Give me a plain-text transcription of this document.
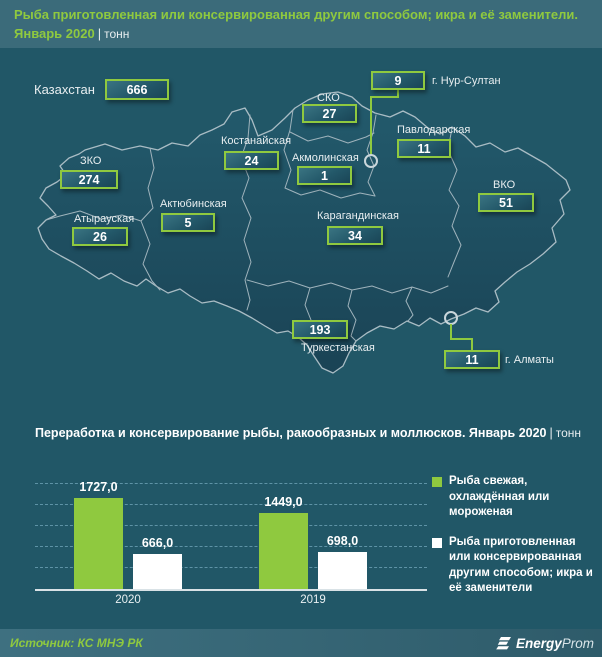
Рыба приготовленная или консервированная другим способом; икра и её заменители.
Январь 2020 | тонн
Казахстан	666
ЗКО
274
Атырауская
26
Актюбинская
5
Костанайская
24
СКО
27
Акмолинская
1
9	г. Нур-Султан
Павлодарская
11
ВКО
51
Карагандинская
34
193
Туркестанская
11 г. Алматы
Переработка и консервирование рыбы, ракообразных и моллюсков. Январь 2020 | тонн
1727,0
666,0
1449,0
698,0
2020	2019
Рыба свежая, охлаждённая или мороженая
Рыба приготовленная или консервированная другим способом; икра и её заменители
Источник: КС МНЭ РК	EnergyProm
